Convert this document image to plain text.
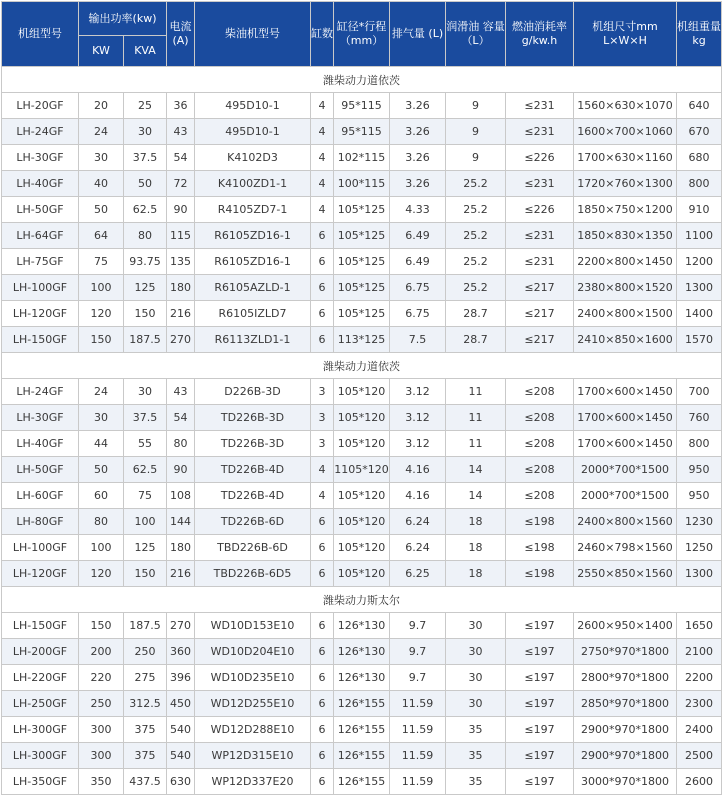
机组型号	输出功率(kw)		电流 (A)	柴油机型号	缸数	缸径*行程 （mm）	排气量 (L)	润滑油 容量（L）	燃油消耗率 g/kw.h	机组尺寸mm L×W×H	机组重量 kg
	KW	KVA									
潍柴动力道依茨											
LH-20GF	20	25	36	495D10-1	4	95*115	3.26	9	≤231	1560×630×1070	640
LH-24GF	24	30	43	495D10-1	4	95*115	3.26	9	≤231	1600×700×1060	670
LH-30GF	30	37.5	54	K4102D3	4	102*115	3.26	9	≤226	1700×630×1160	680
LH-40GF	40	50	72	K4100ZD1-1	4	100*115	3.26	25.2	≤231	1720×760×1300	800
LH-50GF	50	62.5	90	R4105ZD7-1	4	105*125	4.33	25.2	≤226	1850×750×1200	910
LH-64GF	64	80	115	R6105ZD16-1	6	105*125	6.49	25.2	≤231	1850×830×1350	1100
LH-75GF	75	93.75	135	R6105ZD16-1	6	105*125	6.49	25.2	≤231	2200×800×1450	1200
LH-100GF	100	125	180	R6105AZLD-1	6	105*125	6.75	25.2	≤217	2380×800×1520	1300
LH-120GF	120	150	216	R6105IZLD7	6	105*125	6.75	28.7	≤217	2400×800×1500	1400
LH-150GF	150	187.5	270	R6113ZLD1-1	6	113*125	7.5	28.7	≤217	2410×850×1600	1570
潍柴动力道依茨											
LH-24GF	24	30	43	D226B-3D	3	105*120	3.12	11	≤208	1700×600×1450	700
LH-30GF	30	37.5	54	TD226B-3D	3	105*120	3.12	11	≤208	1700×600×1450	760
LH-40GF	44	55	80	TD226B-3D	3	105*120	3.12	11	≤208	1700×600×1450	800
LH-50GF	50	62.5	90	TD226B-4D	4	1105*120	4.16	14	≤208	2000*700*1500	950
LH-60GF	60	75	108	TD226B-4D	4	105*120	4.16	14	≤208	2000*700*1500	950
LH-80GF	80	100	144	TD226B-6D	6	105*120	6.24	18	≤198	2400×800×1560	1230
LH-100GF	100	125	180	TBD226B-6D	6	105*120	6.24	18	≤198	2460×798×1560	1250
LH-120GF	120	150	216	TBD226B-6D5	6	105*120	6.25	18	≤198	2550×850×1560	1300
潍柴动力斯太尔											
LH-150GF	150	187.5	270	WD10D153E10	6	126*130	9.7	30	≤197	2600×950×1400	1650
LH-200GF	200	250	360	WD10D204E10	6	126*130	9.7	30	≤197	2750*970*1800	2100
LH-220GF	220	275	396	WD10D235E10	6	126*130	9.7	30	≤197	2800*970*1800	2200
LH-250GF	250	312.5	450	WD12D255E10	6	126*155	11.59	30	≤197	2850*970*1800	2300
LH-300GF	300	375	540	WD12D288E10	6	126*155	11.59	35	≤197	2900*970*1800	2400
LH-300GF	300	375	540	WP12D315E10	6	126*155	11.59	35	≤197	2900*970*1800	2500
LH-350GF	350	437.5	630	WP12D337E20	6	126*155	11.59	35	≤197	3000*970*1800	2600
